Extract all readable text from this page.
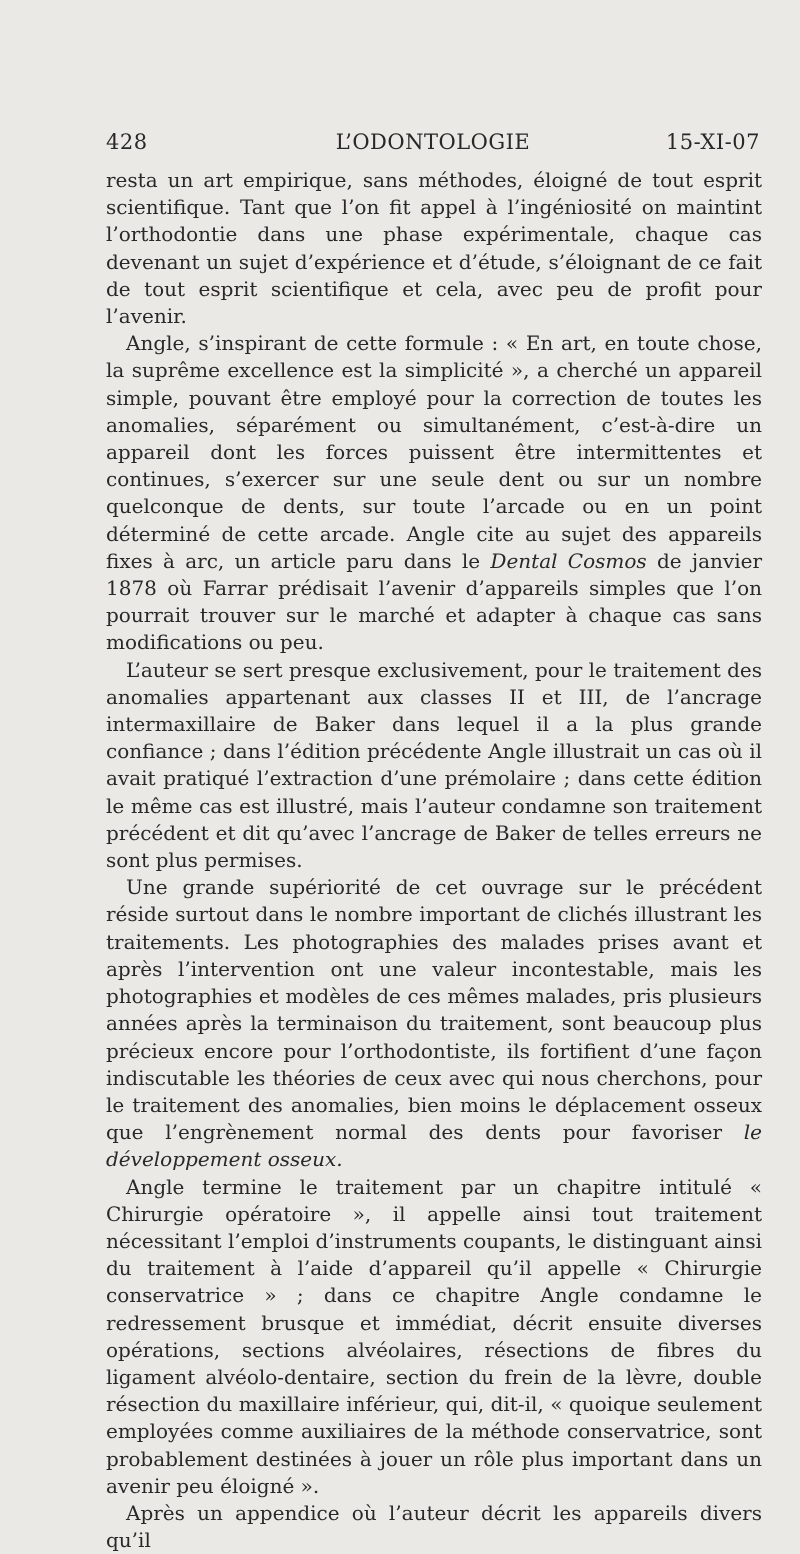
428	L’ODONTOLOGIE	15-XI-07

resta un art empirique, sans méthodes, éloigné de tout esprit scientifique. Tant que l’on fit appel à l’ingéniosité on maintint l’orthodontie dans une phase expérimentale, chaque cas devenant un sujet d’expérience et d’étude, s’éloignant de ce fait de tout esprit scientifique et cela, avec peu de profit pour l’avenir.

Angle, s’inspirant de cette formule : « En art, en toute chose, la suprême excellence est la simplicité », a cherché un appareil simple, pouvant être employé pour la correction de toutes les anomalies, séparément ou simultanément, c’est-à-dire un appareil dont les forces puissent être intermittentes et continues, s’exercer sur une seule dent ou sur un nombre quelconque de dents, sur toute l’arcade ou en un point déterminé de cette arcade. Angle cite au sujet des appareils fixes à arc, un article paru dans le Dental Cosmos de janvier 1878 où Farrar prédisait l’avenir d’appareils simples que l’on pourrait trouver sur le marché et adapter à chaque cas sans modifications ou peu.

L’auteur se sert presque exclusivement, pour le traitement des anomalies appartenant aux classes II et III, de l’ancrage intermaxillaire de Baker dans lequel il a la plus grande confiance ; dans l’édition précédente Angle illustrait un cas où il avait pratiqué l’extraction d’une prémolaire ; dans cette édition le même cas est illustré, mais l’auteur condamne son traitement précédent et dit qu’avec l’ancrage de Baker de telles erreurs ne sont plus permises.

Une grande supériorité de cet ouvrage sur le précédent réside surtout dans le nombre important de clichés illustrant les traitements. Les photographies des malades prises avant et après l’intervention ont une valeur incontestable, mais les photographies et modèles de ces mêmes malades, pris plusieurs années après la terminaison du traitement, sont beaucoup plus précieux encore pour l’orthodontiste, ils fortifient d’une façon indiscutable les théories de ceux avec qui nous cherchons, pour le traitement des anomalies, bien moins le déplacement osseux que l’engrènement normal des dents pour favoriser le développement osseux.

Angle termine le traitement par un chapitre intitulé « Chirurgie opératoire », il appelle ainsi tout traitement nécessitant l’emploi d’instruments coupants, le distinguant ainsi du traitement à l’aide d’appareil qu’il appelle « Chirurgie conservatrice » ; dans ce chapitre Angle condamne le redressement brusque et immédiat, décrit ensuite diverses opérations, sections alvéolaires, résections de fibres du ligament alvéolo-dentaire, section du frein de la lèvre, double résection du maxillaire inférieur, qui, dit-il, « quoique seulement employées comme auxiliaires de la méthode conservatrice, sont probablement destinées à jouer un rôle plus important dans un avenir peu éloigné ».

Après un appendice où l’auteur décrit les appareils divers qu’il
